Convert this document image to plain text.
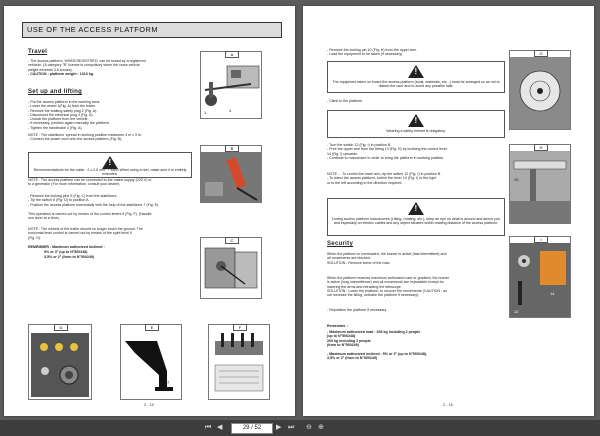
USE OF THE ACCESS PLATFORM
Travel
- The access platform, WHEN REGISTRED, can be towed by a registered
vehicule. (A category "B" licence is compulsory when the cross vehicle
weight exceeds 3.5 tonnes).
- CAUTION : platform weight : 1310 kg.
Set up and lifting
- Put the access platform in the working area.
- Lower the wheel 1(Fig. A) from the trailer.
- Remove the braking safety plug 2 (Fig. A).
- Disconnect the electrical plug 3 (Fig. A).
- Unlock the platform from the vehicle.
- If necessary, position again manually the platform.
- Tighten the handbrake 4 (Fig. A).
NOTE : The stabilizers' spread in working position measures 3 m x 3 m.
- Connect the power cord onto the access platform (Fig. B).
!
Recommendations for the cable : 2 x 2.5 mm² + earth When using a reel, make sure it is entirely extended.
NOTE : The access platform can be connected to the mains supply (220 V) or
to a generator (For more information, consult your dealer).
- Remove the locking pins 5 (Fig. C) from the stabilizers.
- Tip the switch 8 (Fig. D) to position A.
- Position the access platform horizontally with the help of the stabilizers 7 (Fig. E).
This operation is carried out by means of the control levers 6 (Fig. F). (Handle
one lever at a time).
NOTE : The wheels of the trailer should no longer touch the ground. The
horizontal level control is carried out by means of the spirit level 9
(Fig. G).
REMEMBER : Maximum authorized inclined :
5% or 3° (up to N°500248)
3,5% or 2° (from to N°500249)
A
1	4
B
C
D	E
7
F
2 - 15
- Remove the locking pin 10 (Fig. H) from the upper arm.
- Load the equipment to be taken (if necessary).
!
The equipment taken on board the access platform (tools, materials, etc...) must be arranged so as not to disturb the user and to avoid any possible falls.
- Climb in the platform.
!
Wearing a safety helmet is obligatory.
- Turn the switch 12 (Fig. I) in position B.
- Free the upper arm from the fitting 13 (Fig. H) by inclining the control lever
14 (Fig. I) upwards.
- Continue to manoeuvre in order to bring the platform in working position.
NOTE : - To control the lower arm, tip the switch 12 (Fig. I) in position B.
- To direct the access platform, incline the lever 14 (Fig. I) to the right
or to the left according to the direction required.
!
During access platform manoeuvres (Lifting, rotating, etc.), keep an eye on what is around and above you and especially on electric cables and any object situated within rotating distance of the access platform.
Security
When the platform is overloaded, the buzzer is active (fast intermittent) and
all movements are blocked.
SOLUTION : Remove some of the load.
When the platform reaches maximum authorized cant or gradient, the buzzer
is active (long intermittence) and all movements are impossible except for
lowering the arms and retracting the telescope.
SOLUTION : Lower the platform, to recover the movements (CAUTION : do
not increase the tilting, unbrake the platform if necessary).
- Reposition the platform if necessary.
Remember :
- Maximum authorized load : 265 kg including 2 people
(up to N°500248)
200 kg including 2 people
(from to N°500249)
- Maximum authorized inclined : 5% or 3° (up to N°500248),
3,5% or 2° (from to N°500249)
G
H
10
I
12
14
2 - 16
⏮ ◀	29 / 52	▶ ⏭ ⊖ ⊕
